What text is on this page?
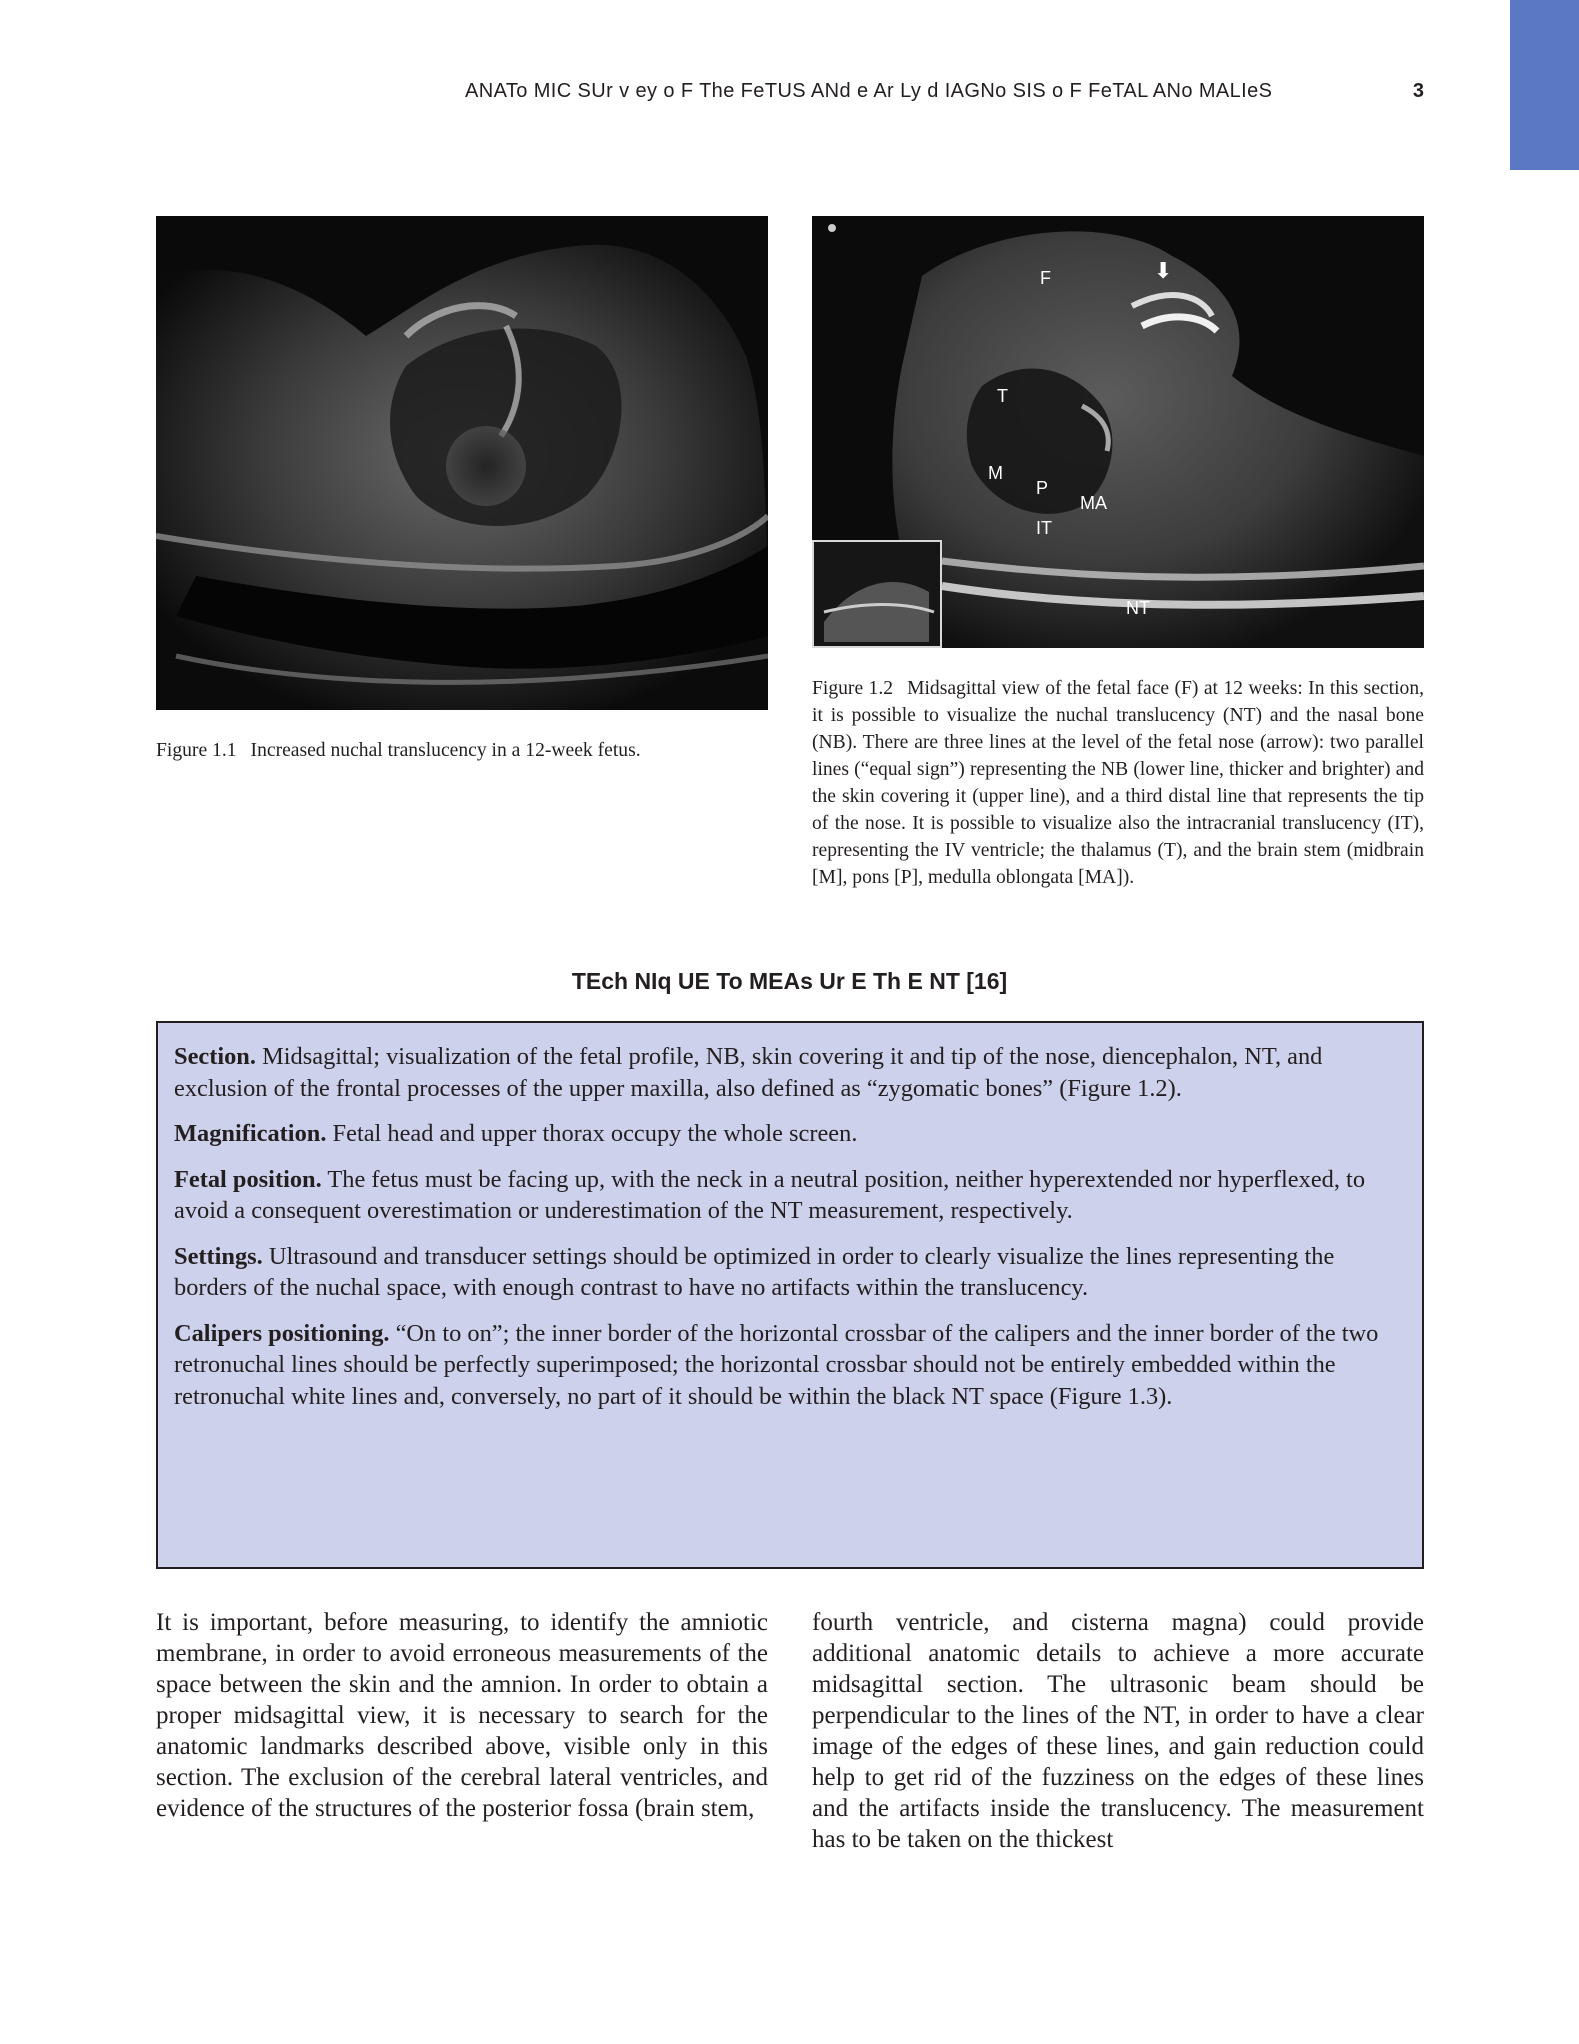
ANATo MIC SUr v ey o F The FeTUS ANd e Ar Ly d IAGNo SIS o F FeTAL ANo MALIeS	3
F	⬇
T
M
P
MA
IT
NT
Figure 1.1 Increased nuchal translucency in a 12-week fetus.
Figure 1.2 Midsagittal view of the fetal face (F) at 12 weeks: In this section, it is possible to visualize the nuchal translucency (NT) and the nasal bone (NB). There are three lines at the level of the fetal nose (arrow): two parallel lines (“equal sign”) representing the NB (lower line, thicker and brighter) and the skin covering it (upper line), and a third distal line that represents the tip of the nose. It is possible to visualize also the intracranial translucency (IT), representing the IV ventricle; the thalamus (T), and the brain stem (midbrain [M], pons [P], medulla oblongata [MA]).
TEch NIq UE To MEAs Ur E Th E NT [16]

Section. Midsagittal; visualization of the fetal profile, NB, skin covering it and tip of the nose, diencephalon, NT, and exclusion of the frontal processes of the upper maxilla, also defined as “zygomatic bones” (Figure 1.2).

Magnification. Fetal head and upper thorax occupy the whole screen.

Fetal position. The fetus must be facing up, with the neck in a neutral position, neither hyperextended nor hyperflexed, to avoid a consequent overestimation or underestimation of the NT measurement, respectively.

Settings. Ultrasound and transducer settings should be optimized in order to clearly visualize the lines representing the borders of the nuchal space, with enough contrast to have no artifacts within the translucency.

Calipers positioning. “On to on”; the inner border of the horizontal crossbar of the calipers and the inner border of the two retronuchal lines should be perfectly superimposed; the horizontal crossbar should not be entirely embedded within the retronuchal white lines and, conversely, no part of it should be within the black NT space (Figure 1.3).

It is important, before measuring, to identify the amniotic membrane, in order to avoid erroneous measurements of the space between the skin and the amnion. In order to obtain a proper midsagittal view, it is necessary to search for the anatomic landmarks described above, visible only in this section. The exclusion of the cerebral lateral ventricles, and evidence of the structures of the posterior fossa (brain stem,
fourth ventricle, and cisterna magna) could provide additional anatomic details to achieve a more accurate midsagittal section. The ultrasonic beam should be perpendicular to the lines of the NT, in order to have a clear image of the edges of these lines, and gain reduction could help to get rid of the fuzziness on the edges of these lines and the artifacts inside the translucency. The measurement has to be taken on the thickest
